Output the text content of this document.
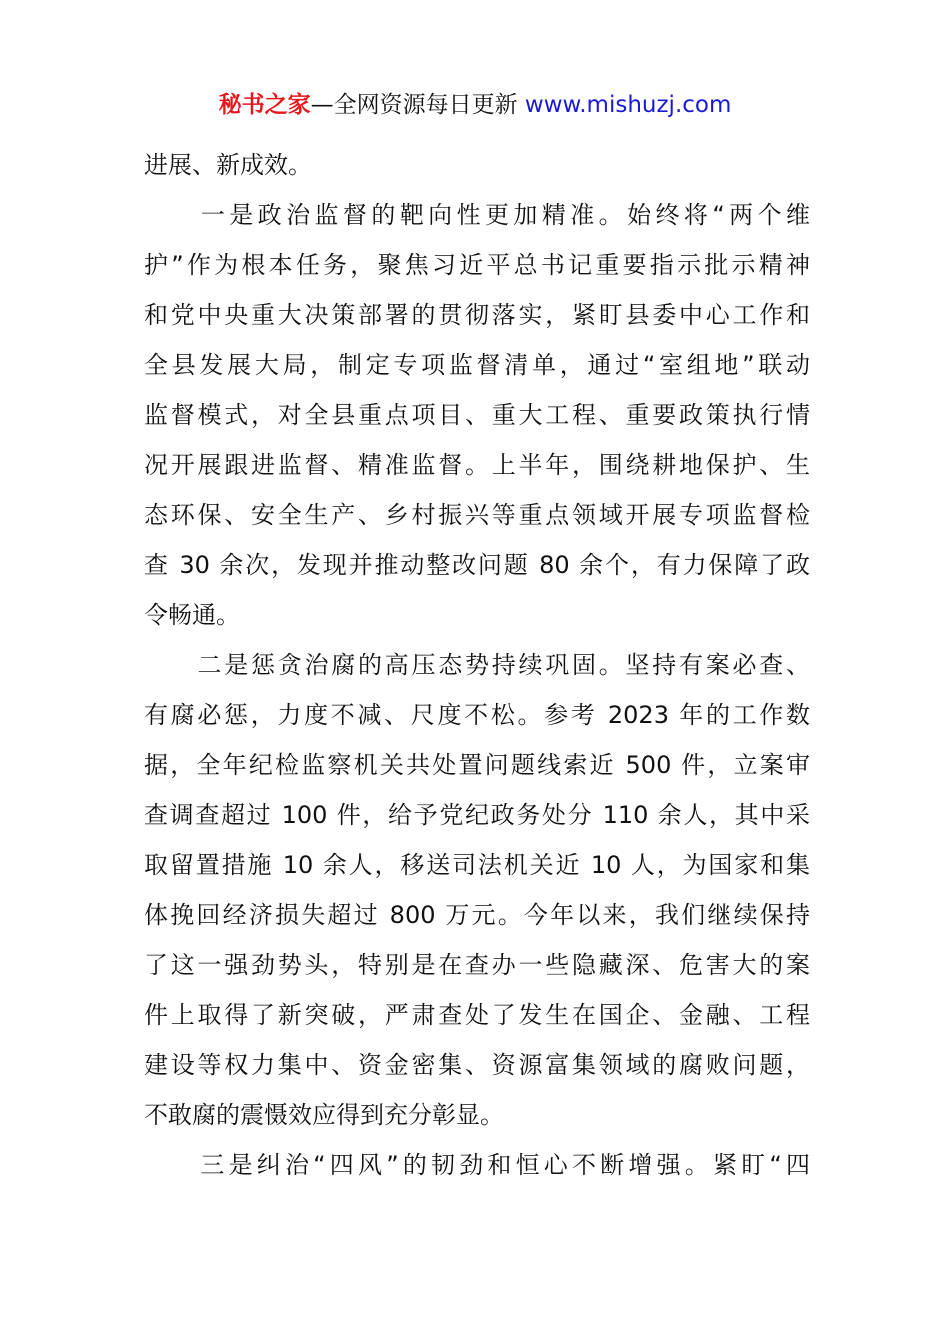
秘书之家—全网资源每日更新 www.mishuzj.com
进展、新成效。
　　一是政治监督的靶向性更加精准。始终将“两个维
护”作为根本任务，聚焦习近平总书记重要指示批示精神
和党中央重大决策部署的贯彻落实，紧盯县委中心工作和
全县发展大局，制定专项监督清单，通过“室组地”联动
监督模式，对全县重点项目、重大工程、重要政策执行情
况开展跟进监督、精准监督。上半年，围绕耕地保护、生
态环保、安全生产、乡村振兴等重点领域开展专项监督检
查 30 余次，发现并推动整改问题 80 余个，有力保障了政
令畅通。
　　二是惩贪治腐的高压态势持续巩固。坚持有案必查、
有腐必惩，力度不减、尺度不松。参考 2023 年的工作数
据，全年纪检监察机关共处置问题线索近 500 件，立案审
查调查超过 100 件，给予党纪政务处分 110 余人，其中采
取留置措施 10 余人，移送司法机关近 10 人，为国家和集
体挽回经济损失超过 800 万元。今年以来，我们继续保持
了这一强劲势头，特别是在查办一些隐藏深、危害大的案
件上取得了新突破，严肃查处了发生在国企、金融、工程
建设等权力集中、资金密集、资源富集领域的腐败问题，
不敢腐的震慑效应得到充分彰显。
　　三是纠治“四风”的韧劲和恒心不断增强。紧盯“四
